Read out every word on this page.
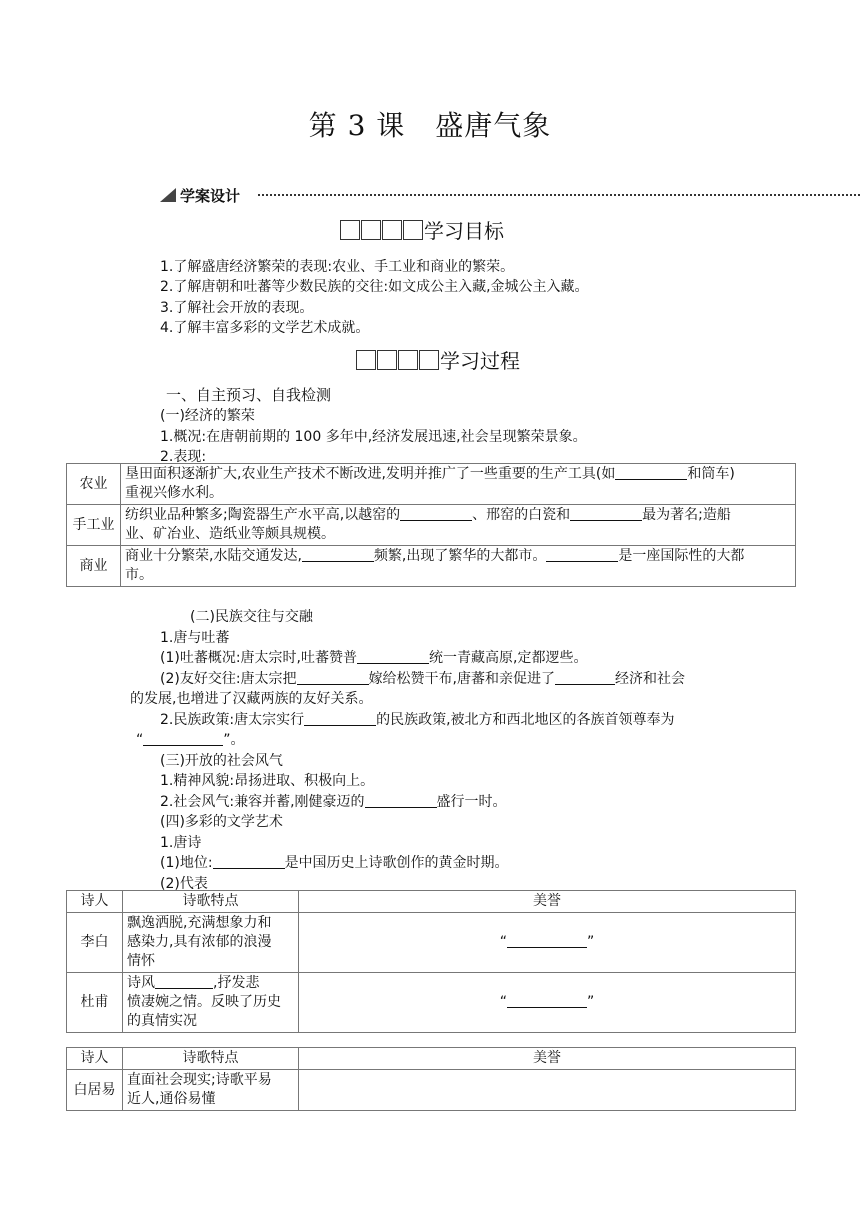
第 3 课 盛唐气象
学案设计
学习目标
1.了解盛唐经济繁荣的表现:农业、手工业和商业的繁荣。
2.了解唐朝和吐蕃等少数民族的交往:如文成公主入藏,金城公主入藏。
3.了解社会开放的表现。
4.了解丰富多彩的文学艺术成就。
学习过程
一、自主预习、自我检测
(一)经济的繁荣
1.概况:在唐朝前期的 100 多年中,经济发展迅速,社会呈现繁荣景象。
2.表现:
农业	垦田面积逐渐扩大,农业生产技术不断改进,发明并推广了一些重要的生产工具(如 和筒车)
重视兴修水利。
手工业	纺织业品种繁多;陶瓷器生产水平高,以越窑的 、邢窑的白瓷和 最为著名;造船
业、矿冶业、造纸业等颇具规模。
商业	商业十分繁荣,水陆交通发达, 频繁,出现了繁华的大都市。 是一座国际性的大都
市。
(二)民族交往与交融
1.唐与吐蕃
(1)吐蕃概况:唐太宗时,吐蕃赞普	统一青藏高原,定都逻些。
(2)友好交往:唐太宗把	嫁给松赞干布,唐蕃和亲促进了	经济和社会
的发展,也增进了汉藏两族的友好关系。
2.民族政策:唐太宗实行	的民族政策,被北方和西北地区的各族首领尊奉为
“	”。
(三)开放的社会风气
1.精神风貌:昂扬进取、积极向上。
2.社会风气:兼容并蓄,刚健豪迈的	盛行一时。
(四)多彩的文学艺术
1.唐诗
(1)地位:	是中国历史上诗歌创作的黄金时期。
(2)代表
诗人	诗歌特点	美誉
李白	飘逸洒脱,充满想象力和
感染力,具有浓郁的浪漫
情怀	“ ”
杜甫	诗风 ,抒发悲
愤凄婉之情。反映了历史
的真情实况	“ ”
诗人	诗歌特点	美誉
白居易	直面社会现实;诗歌平易
近人,通俗易懂	
